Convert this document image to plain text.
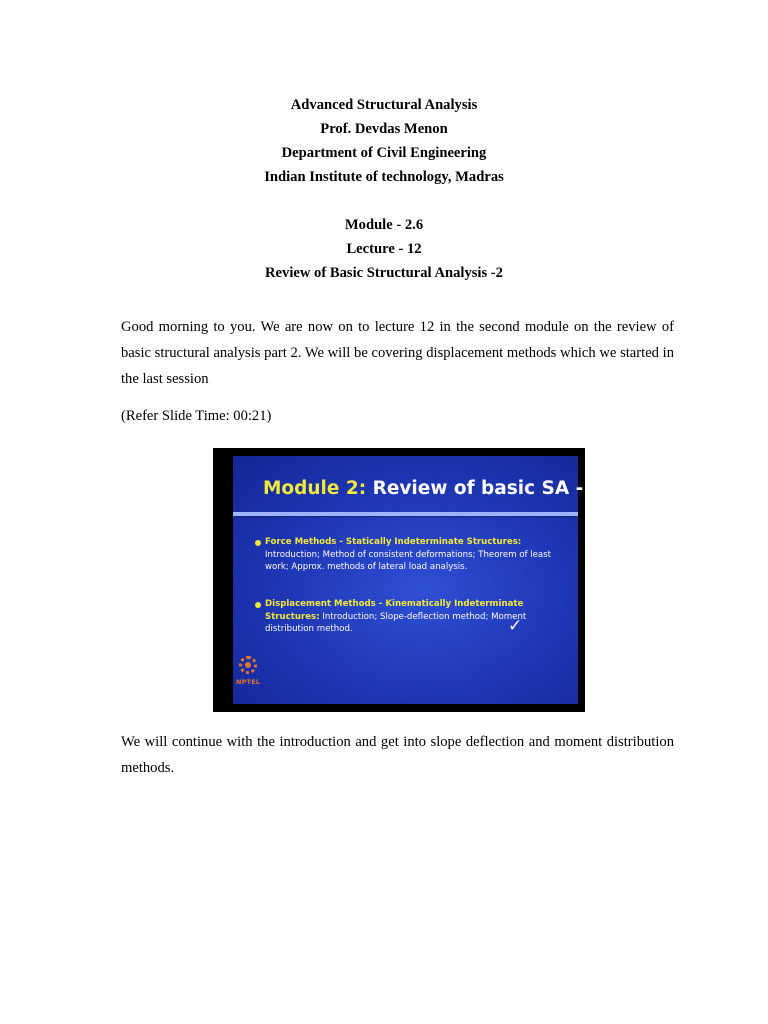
Advanced Structural Analysis
Prof. Devdas Menon
Department of Civil Engineering
Indian Institute of technology, Madras
Module - 2.6
Lecture - 12
Review of Basic Structural Analysis -2
Good morning to you. We are now on to lecture 12 in the second module on the review of basic structural analysis part 2. We will be covering displacement methods which we started in the last session
(Refer Slide Time: 00:21)
Module 2: Review of basic SA - 2
Force Methods - Statically Indeterminate Structures:
Introduction; Method of consistent deformations; Theorem of least work; Approx. methods of lateral load analysis.
Displacement Methods - Kinematically Indeterminate Structures: Introduction; Slope-deflection method; Moment distribution method.	✓
NPTEL
We will continue with the introduction and get into slope deflection and moment distribution methods.
